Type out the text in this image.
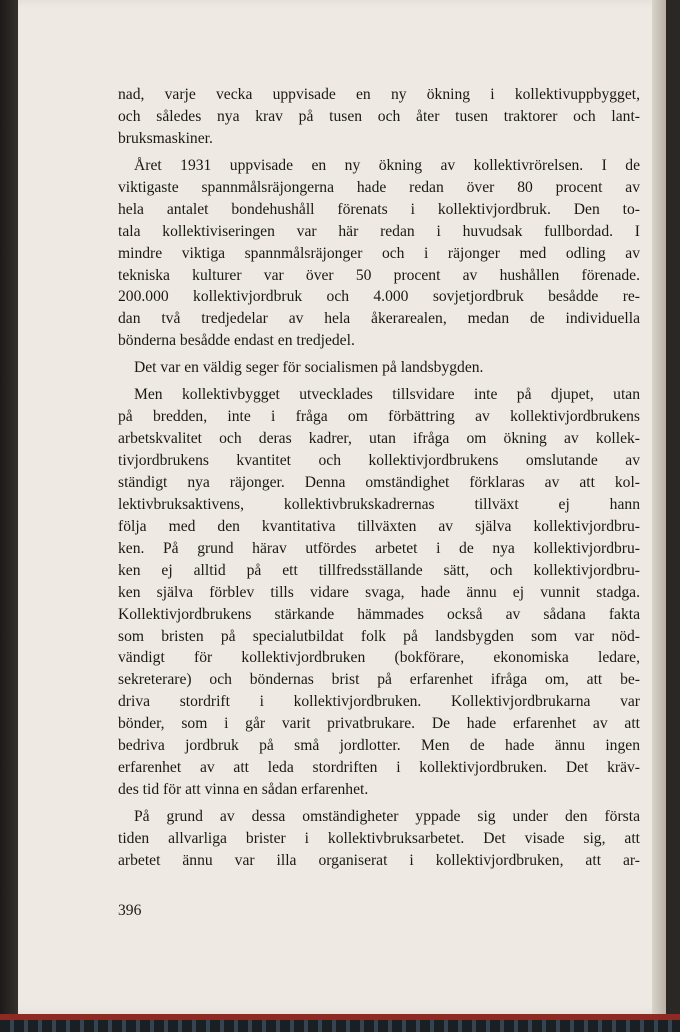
nad, varje vecka uppvisade en ny ökning i kollektivuppbygget,
och således nya krav på tusen och åter tusen traktorer och lant-
bruksmaskiner.
Året 1931 uppvisade en ny ökning av kollektivrörelsen. I de
viktigaste spannmålsräjongerna hade redan över 80 procent av
hela antalet bondehushåll förenats i kollektivjordbruk. Den to-
tala kollektiviseringen var här redan i huvudsak fullbordad. I
mindre viktiga spannmålsräjonger och i räjonger med odling av
tekniska kulturer var över 50 procent av hushållen förenade.
200.000 kollektivjordbruk och 4.000 sovjetjordbruk besådde re-
dan två tredjedelar av hela åkerarealen, medan de individuella
bönderna besådde endast en tredjedel.
Det var en väldig seger för socialismen på landsbygden.
Men kollektivbygget utvecklades tillsvidare inte på djupet, utan
på bredden, inte i fråga om förbättring av kollektivjordbrukens
arbetskvalitet och deras kadrer, utan ifråga om ökning av kollek-
tivjordbrukens kvantitet och kollektivjordbrukens omslutande av
ständigt nya räjonger. Denna omständighet förklaras av att kol-
lektivbruksaktivens, kollektivbrukskadrernas tillväxt ej hann
följa med den kvantitativa tillväxten av själva kollektivjordbru-
ken. På grund härav utfördes arbetet i de nya kollektivjordbru-
ken ej alltid på ett tillfredsställande sätt, och kollektivjordbru-
ken själva förblev tills vidare svaga, hade ännu ej vunnit stadga.
Kollektivjordbrukens stärkande hämmades också av sådana fakta
som bristen på specialutbildat folk på landsbygden som var nöd-
vändigt för kollektivjordbruken (bokförare, ekonomiska ledare,
sekreterare) och böndernas brist på erfarenhet ifråga om, att be-
driva stordrift i kollektivjordbruken. Kollektivjordbrukarna var
bönder, som i går varit privatbrukare. De hade erfarenhet av att
bedriva jordbruk på små jordlotter. Men de hade ännu ingen
erfarenhet av att leda stordriften i kollektivjordbruken. Det kräv-
des tid för att vinna en sådan erfarenhet.
På grund av dessa omständigheter yppade sig under den första
tiden allvarliga brister i kollektivbruksarbetet. Det visade sig, att
arbetet ännu var illa organiserat i kollektivjordbruken, att ar-
396
